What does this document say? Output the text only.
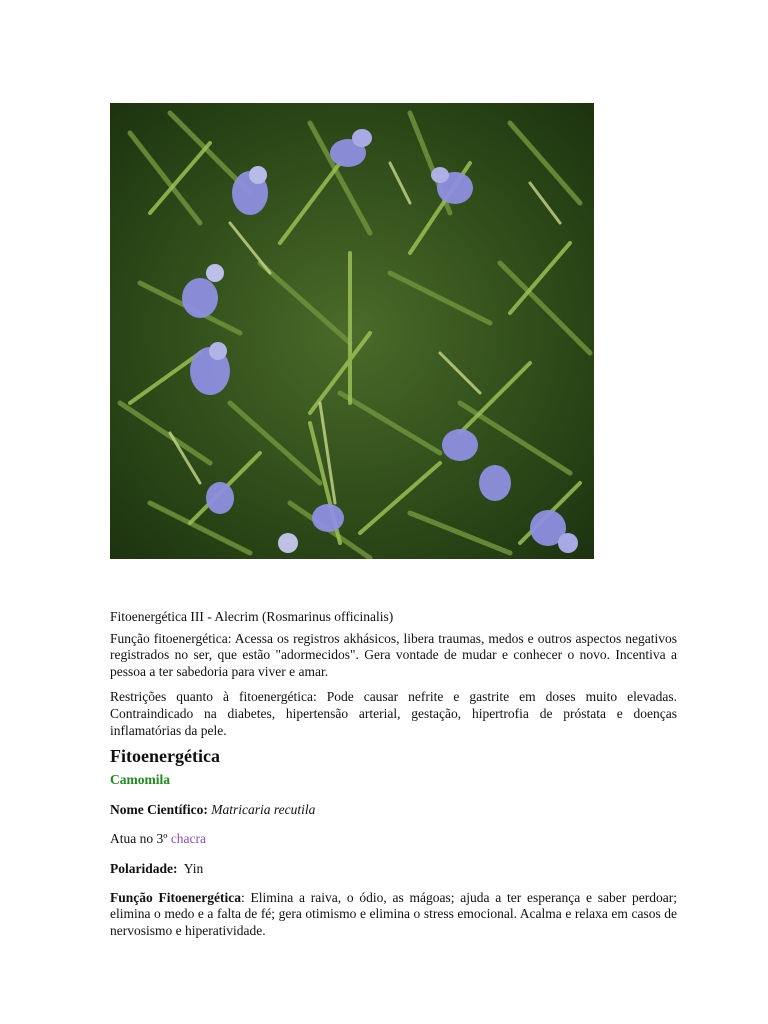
Fitoenergética III - Alecrim (Rosmarinus officinalis)

Função fitoenergética: Acessa os registros akhásicos, libera traumas, medos e outros aspectos negativos registrados no ser, que estão "adormecidos". Gera vontade de mudar e conhecer o novo. Incentiva a pessoa a ter sabedoria para viver e amar.

Restrições quanto à fitoenergética: Pode causar nefrite e gastrite em doses muito elevadas. Contraindicado na diabetes, hipertensão arterial, gestação, hipertrofia de próstata e doenças inflamatórias da pele.

Fitoenergética

Camomila

Nome Científico: Matricaria recutila

Atua no 3º chacra

Polaridade: Yin

Função Fitoenergética: Elimina a raiva, o ódio, as mágoas; ajuda a ter esperança e saber perdoar; elimina o medo e a falta de fé; gera otimismo e elimina o stress emocional. Acalma e relaxa em casos de nervosismo e hiperatividade.
